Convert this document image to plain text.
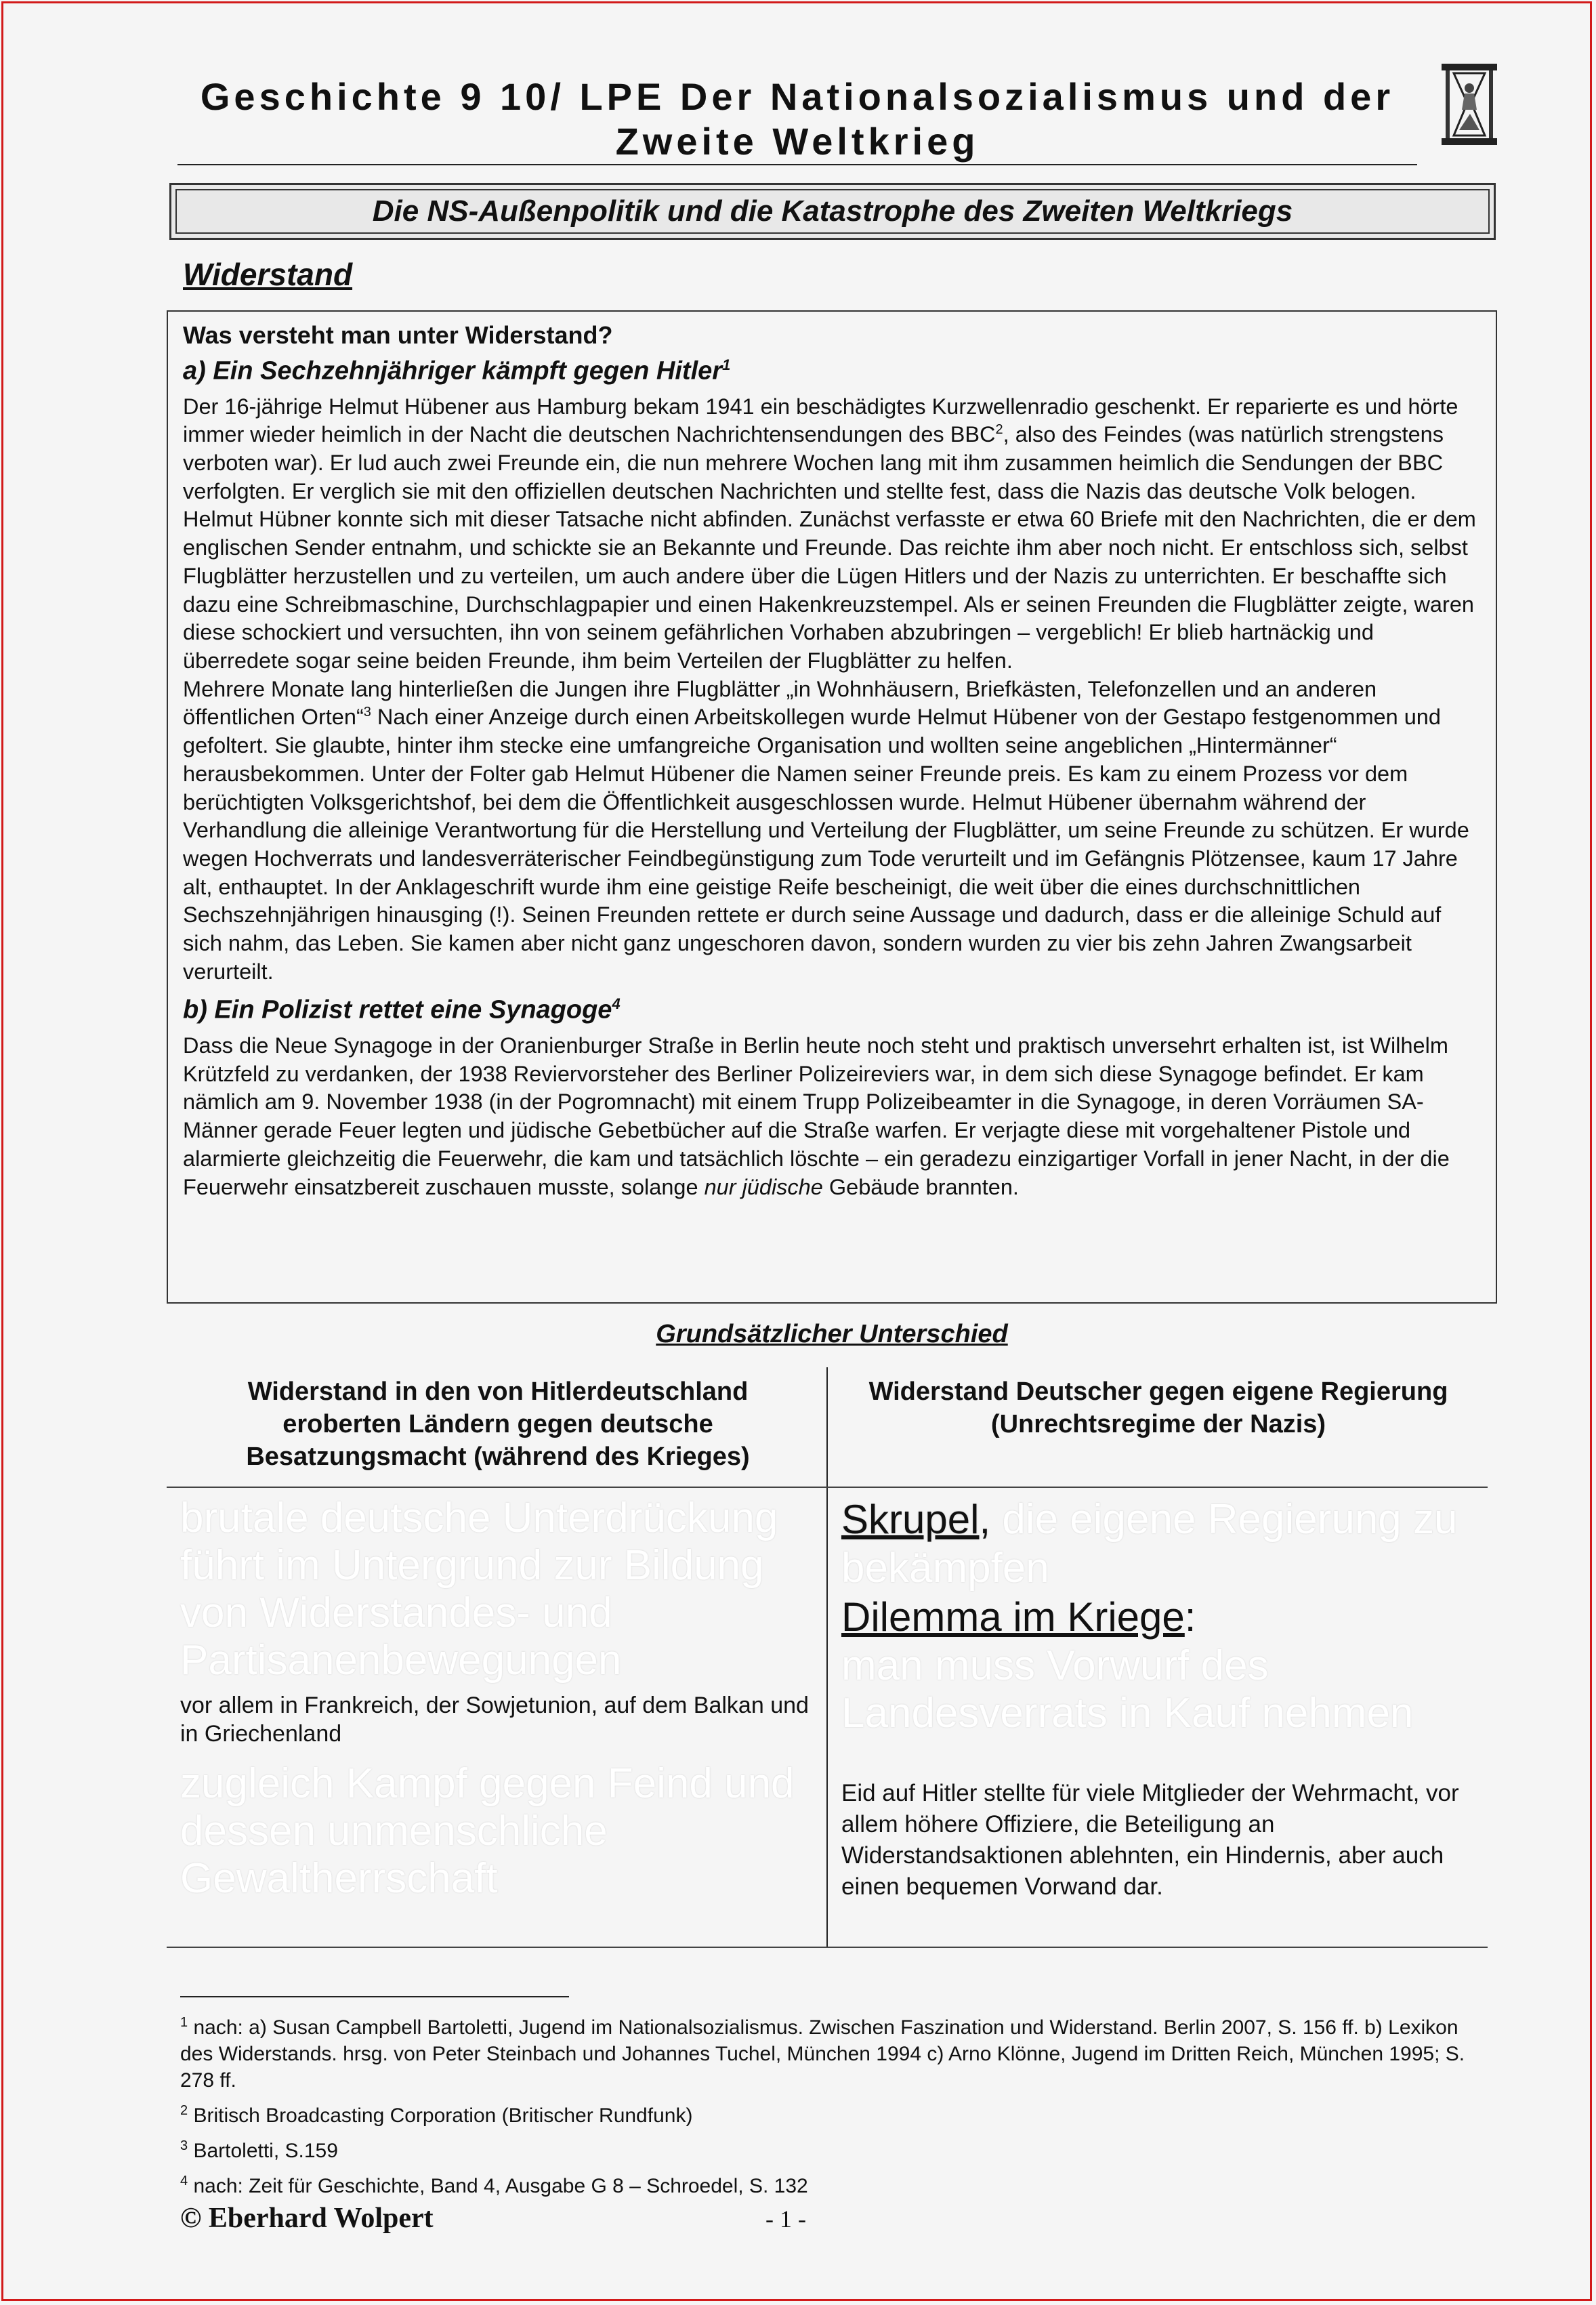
Geschichte 9 10/ LPE Der Nationalsozialismus und der
Zweite Weltkrieg
Die NS-Außenpolitik und die Katastrophe des Zweiten Weltkriegs
Widerstand
Was versteht man unter Widerstand?
a) Ein Sechzehnjähriger kämpft gegen Hitler$^1$

Der 16-jährige Helmut Hübener aus Hamburg bekam 1941 ein beschädigtes Kurzwellenradio geschenkt. Er reparierte es und hörte immer wieder heimlich in der Nacht die deutschen Nachrichtensendungen des BBC$^2$, also des Feindes (was natürlich strengstens verboten war). Er lud auch zwei Freunde ein, die nun mehrere Wochen lang mit ihm zusammen heimlich die Sendungen der BBC verfolgten. Er verglich sie mit den offiziellen deutschen Nachrichten und stellte fest, dass die Nazis das deutsche Volk belogen.

Helmut Hübner konnte sich mit dieser Tatsache nicht abfinden. Zunächst verfasste er etwa 60 Briefe mit den Nachrichten, die er dem englischen Sender entnahm, und schickte sie an Bekannte und Freunde. Das reichte ihm aber noch nicht. Er entschloss sich, selbst Flugblätter herzustellen und zu verteilen, um auch andere über die Lügen Hitlers und der Nazis zu unterrichten. Er beschaffte sich dazu eine Schreibmaschine, Durchschlagpapier und einen Hakenkreuzstempel. Als er seinen Freunden die Flugblätter zeigte, waren diese schockiert und versuchten, ihn von seinem gefährlichen Vorhaben abzubringen – vergeblich! Er blieb hartnäckig und überredete sogar seine beiden Freunde, ihm beim Verteilen der Flugblätter zu helfen.

Mehrere Monate lang hinterließen die Jungen ihre Flugblätter „in Wohnhäusern, Briefkästen, Telefonzellen und an anderen öffentlichen Orten“$^3$ Nach einer Anzeige durch einen Arbeitskollegen wurde Helmut Hübener von der Gestapo festgenommen und gefoltert. Sie glaubte, hinter ihm stecke eine umfangreiche Organisation und wollten seine angeblichen „Hintermänner“ herausbekommen. Unter der Folter gab Helmut Hübener die Namen seiner Freunde preis. Es kam zu einem Prozess vor dem berüchtigten Volksgerichtshof, bei dem die Öffentlichkeit ausgeschlossen wurde. Helmut Hübener übernahm während der Verhandlung die alleinige Verantwortung für die Herstellung und Verteilung der Flugblätter, um seine Freunde zu schützen. Er wurde wegen Hochverrats und landesverräterischer Feindbegünstigung zum Tode verurteilt und im Gefängnis Plötzensee, kaum 17 Jahre alt, enthauptet. In der Anklageschrift wurde ihm eine geistige Reife bescheinigt, die weit über die eines durchschnittlichen Sechszehnjährigen hinausging (!). Seinen Freunden rettete er durch seine Aussage und dadurch, dass er die alleinige Schuld auf sich nahm, das Leben. Sie kamen aber nicht ganz ungeschoren davon, sondern wurden zu vier bis zehn Jahren Zwangsarbeit verurteilt.

b) Ein Polizist rettet eine Synagoge$^4$

Dass die Neue Synagoge in der Oranienburger Straße in Berlin heute noch steht und praktisch unversehrt erhalten ist, ist Wilhelm Krützfeld zu verdanken, der 1938 Reviervorsteher des Berliner Polizeireviers war, in dem sich diese Synagoge befindet. Er kam nämlich am 9. November 1938 (in der Pogromnacht) mit einem Trupp Polizeibeamter in die Synagoge, in deren Vorräumen SA-Männer gerade Feuer legten und jüdische Gebetbücher auf die Straße warfen. Er verjagte diese mit vorgehaltener Pistole und alarmierte gleichzeitig die Feuerwehr, die kam und tatsächlich löschte – ein geradezu einzigartiger Vorfall in jener Nacht, in der die Feuerwehr einsatzbereit zuschauen musste, solange nur jüdische Gebäude brannten.

Grundsätzlicher Unterschied
Widerstand in den von Hitlerdeutschland eroberten Ländern gegen deutsche Besatzungsmacht (während des Krieges)
Widerstand Deutscher gegen eigene Regierung (Unrechtsregime der Nazis)
brutale deutsche Unterdrückung führt im Untergrund zur Bildung von Widerstandes- und Partisanenbewegungen
vor allem in Frankreich, der Sowjetunion, auf dem Balkan und in Griechenland
zugleich Kampf gegen Feind und dessen unmenschliche Gewaltherrschaft
Skrupel, die eigene Regierung zu bekämpfen
Dilemma im Kriege:
man muss Vorwurf des Landesverrats in Kauf nehmen
Eid auf Hitler stellte für viele Mitglieder der Wehrmacht, vor allem höhere Offiziere, die Beteiligung an Widerstandsaktionen ablehnten, ein Hindernis, aber auch einen bequemen Vorwand dar.

$^1$ nach: a) Susan Campbell Bartoletti, Jugend im Nationalsozialismus. Zwischen Faszination und Widerstand. Berlin 2007, S. 156 ff. b) Lexikon des Widerstands. hrsg. von Peter Steinbach und Johannes Tuchel, München 1994 c) Arno Klönne, Jugend im Dritten Reich, München 1995; S. 278 ff.

$^2$ Britisch Broadcasting Corporation (Britischer Rundfunk)

$^3$ Bartoletti, S.159

$^4$ nach: Zeit für Geschichte, Band 4, Ausgabe G 8 – Schroedel, S. 132

© Eberhard Wolpert	- 1 -
